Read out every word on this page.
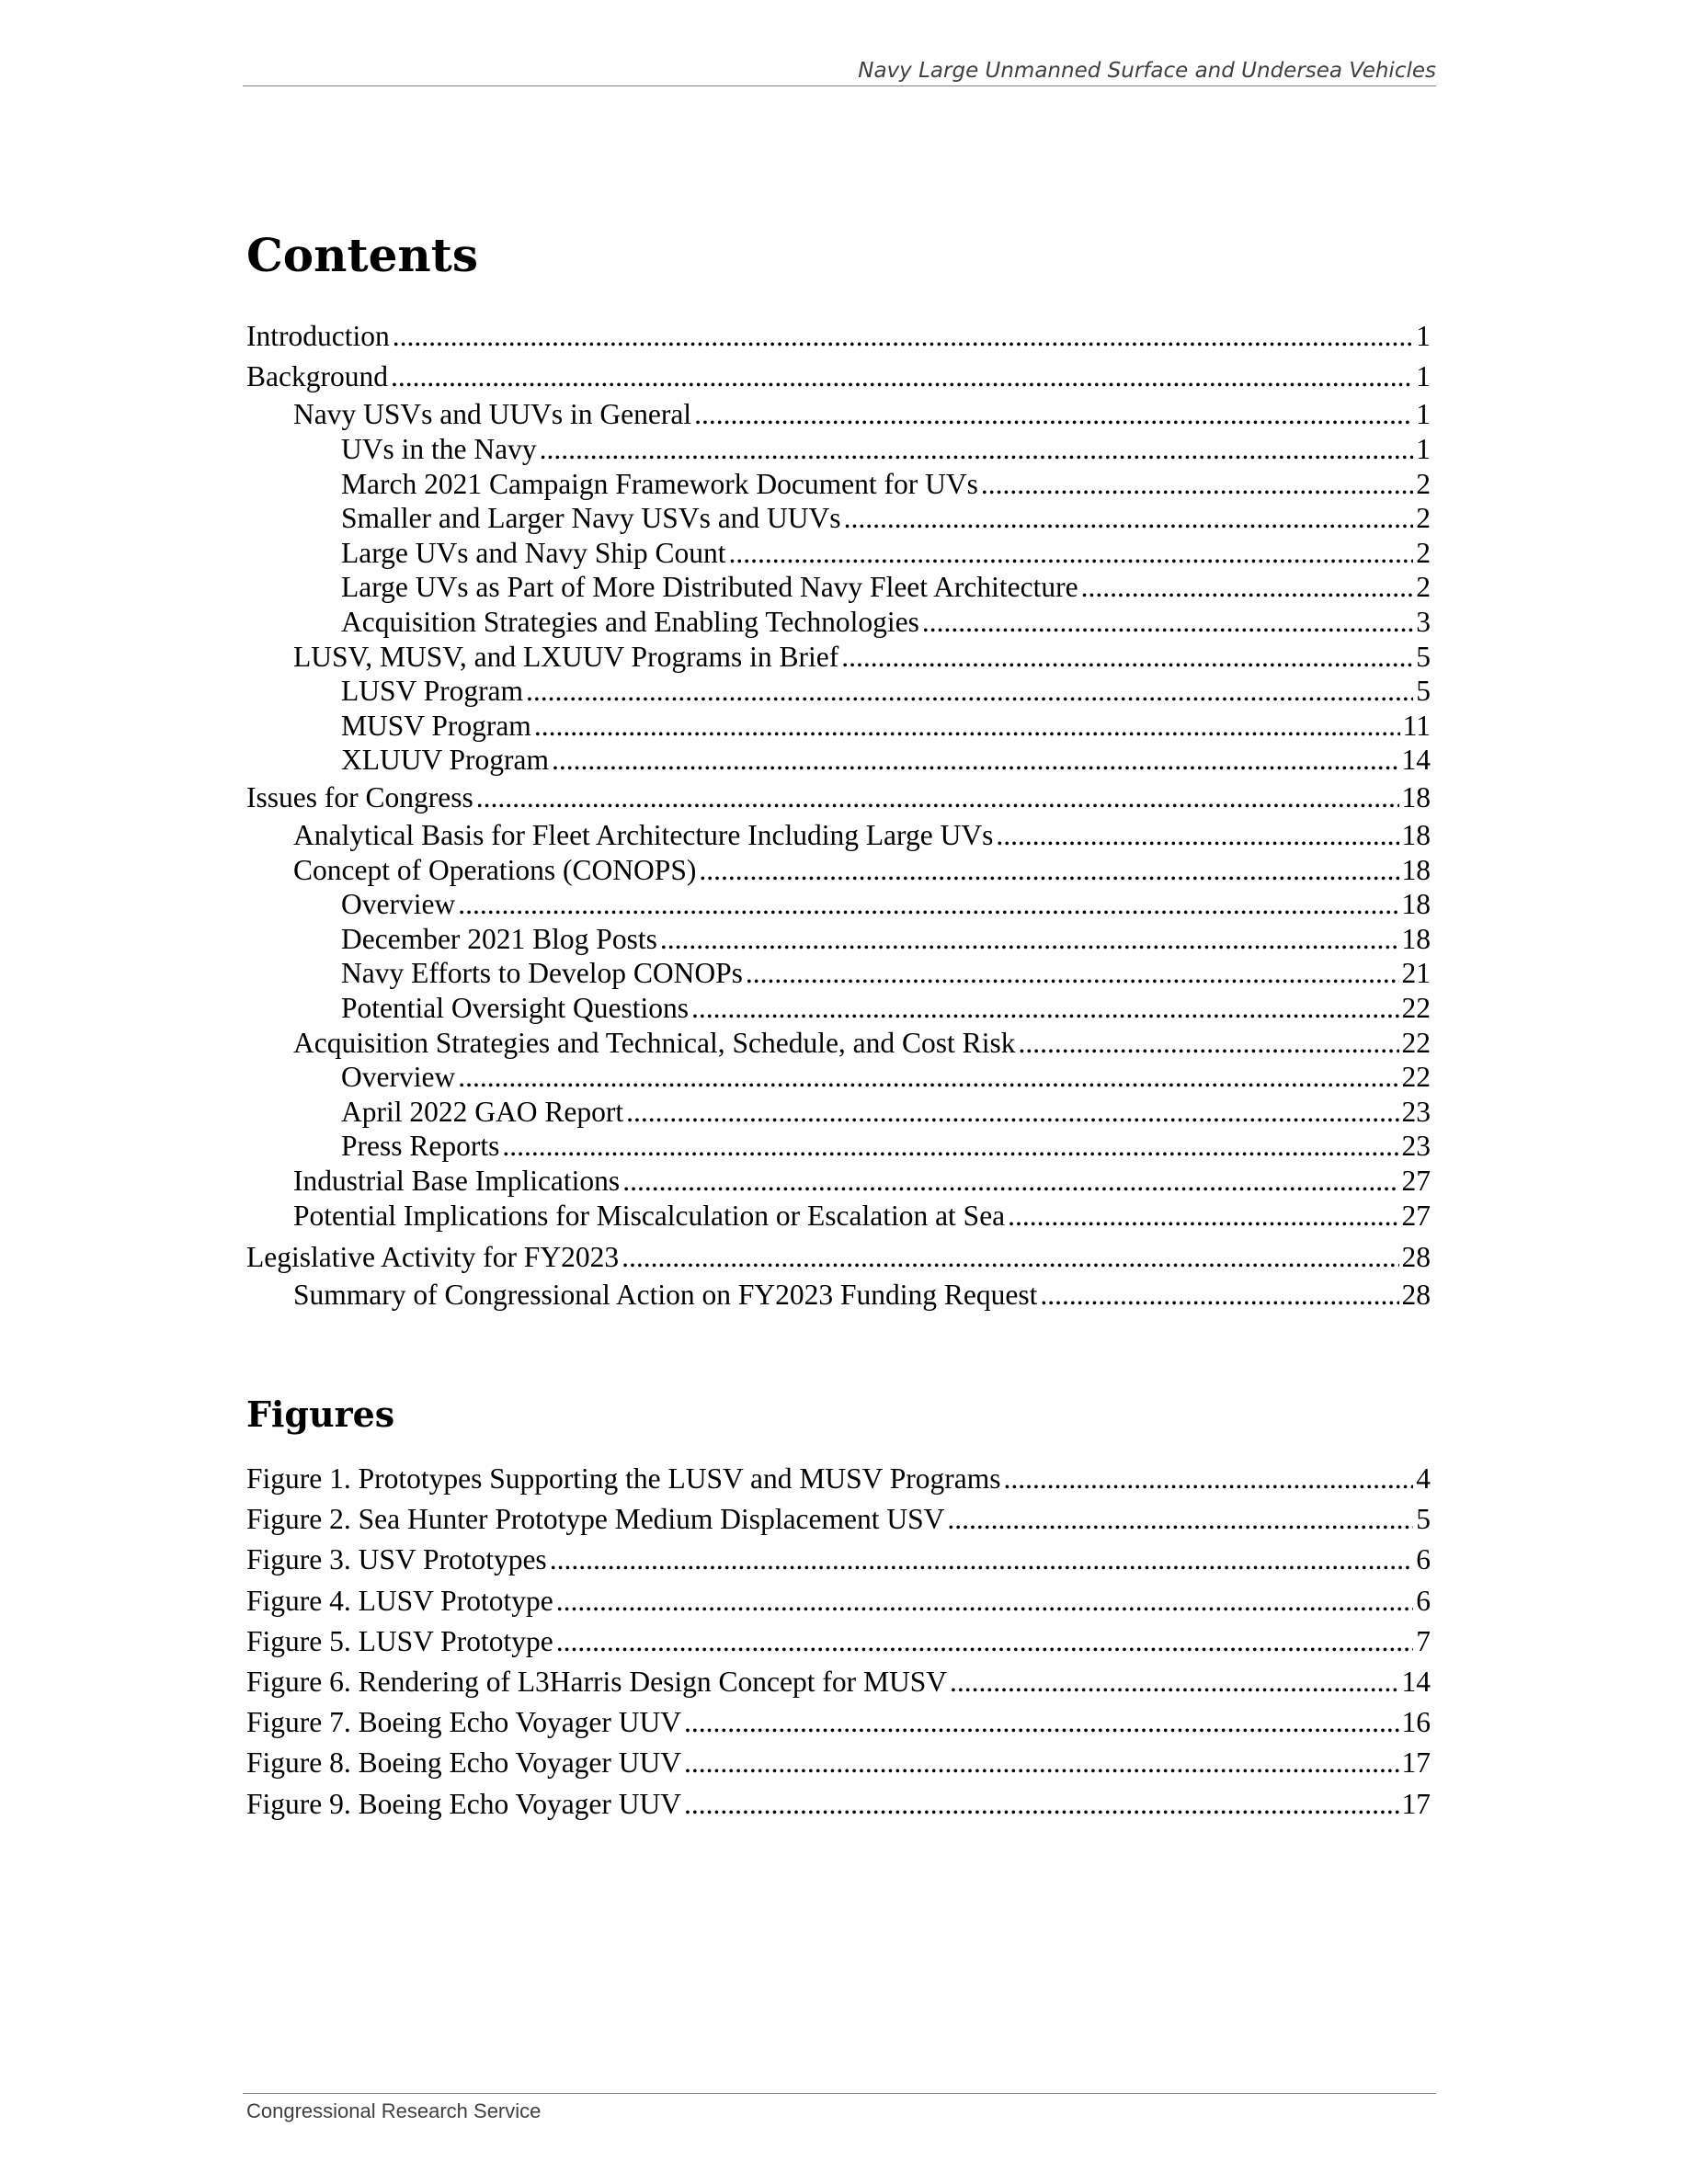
Navy Large Unmanned Surface and Undersea Vehicles
Contents
Introduction .....	1
Background .....	1
Navy USVs and UUVs in General .....	1
UVs in the Navy .....	1
March 2021 Campaign Framework Document for UVs .....	2
Smaller and Larger Navy USVs and UUVs .....	2
Large UVs and Navy Ship Count .....	2
Large UVs as Part of More Distributed Navy Fleet Architecture .....	2
Acquisition Strategies and Enabling Technologies .....	3
LUSV, MUSV, and LXUUV Programs in Brief .....	5
LUSV Program .....	5
MUSV Program .....	11
XLUUV Program .....	14
Issues for Congress .....	18
Analytical Basis for Fleet Architecture Including Large UVs .....	18
Concept of Operations (CONOPS) .....	18
Overview .....	18
December 2021 Blog Posts .....	18
Navy Efforts to Develop CONOPs .....	21
Potential Oversight Questions .....	22
Acquisition Strategies and Technical, Schedule, and Cost Risk .....	22
Overview .....	22
April 2022 GAO Report .....	23
Press Reports .....	23
Industrial Base Implications .....	27
Potential Implications for Miscalculation or Escalation at Sea .....	27
Legislative Activity for FY2023 .....	28
Summary of Congressional Action on FY2023 Funding Request .....	28
Figures
Figure 1. Prototypes Supporting the LUSV and MUSV Programs .....	4
Figure 2. Sea Hunter Prototype Medium Displacement USV .....	5
Figure 3. USV Prototypes .....	6
Figure 4. LUSV Prototype .....	6
Figure 5. LUSV Prototype .....	7
Figure 6. Rendering of L3Harris Design Concept for MUSV .....	14
Figure 7. Boeing Echo Voyager UUV .....	16
Figure 8. Boeing Echo Voyager UUV .....	17
Figure 9. Boeing Echo Voyager UUV .....	17
Congressional Research Service
